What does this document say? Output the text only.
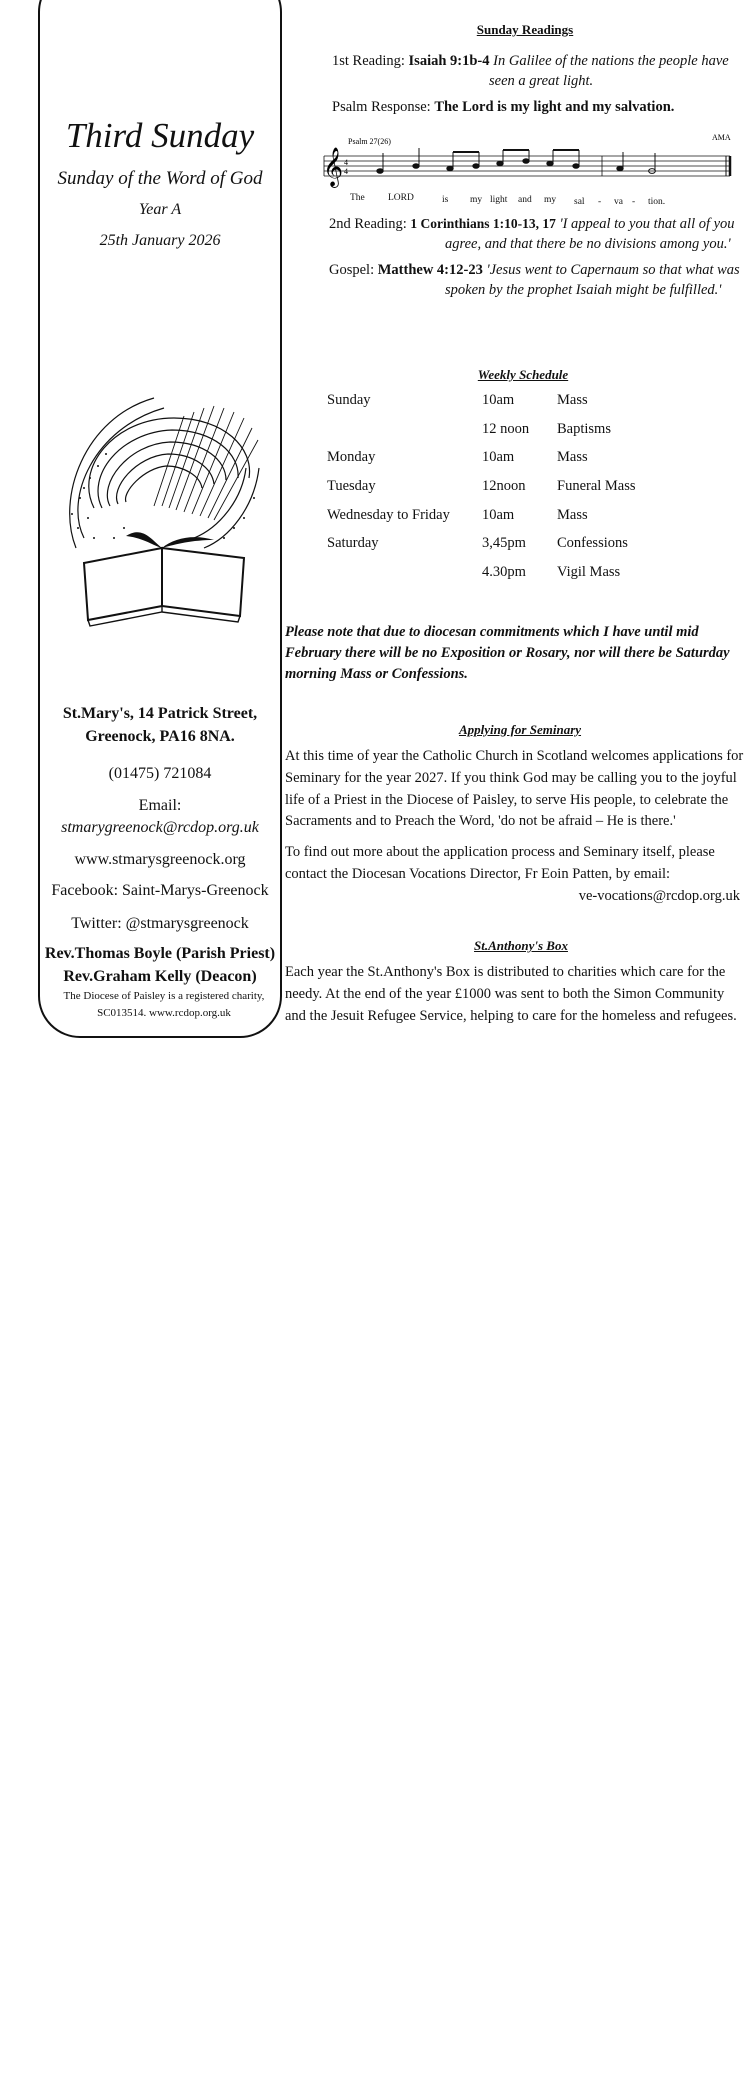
Third Sunday
Sunday of the Word of God
Year A
25th January 2026
St.Mary's, 14 Patrick Street,
Greenock, PA16 8NA.
(01475) 721084
Email:
stmarygreenock@rcdop.org.uk
www.stmarysgreenock.org
Facebook: Saint-Marys-Greenock
Twitter: @stmarysgreenock
Rev.Thomas Boyle (Parish Priest)
Rev.Graham Kelly (Deacon)
The Diocese of Paisley is a registered charity,
SC013514. www.rcdop.org.uk
Sunday Readings
1st Reading: Isaiah 9:1b-4 In Galilee of the nations the people have
seen a great light.
Psalm Response: The Lord is my light and my salvation.
Psalm 27(26)	AMA
𝄞 4
4
The LORD	is my light and my sal - va - tion.
2nd Reading: 1 Corinthians 1:10-13, 17 'I appeal to you that all of you
agree, and that there be no divisions among you.'
Gospel: Matthew 4:12-23 'Jesus went to Capernaum so that what was
spoken by the prophet Isaiah might be fulfilled.'
Weekly Schedule
Sunday	10am	Mass
	12 noon	Baptisms
Monday	10am	Mass
Tuesday	12noon	Funeral Mass
Wednesday to Friday	10am	Mass
Saturday	3,45pm	Confessions
	4.30pm	Vigil Mass
Please note that due to diocesan commitments which I have until mid
February there will be no Exposition or Rosary, nor will there be Saturday
morning Mass or Confessions.
Applying for Seminary
At this time of year the Catholic Church in Scotland welcomes applications for
Seminary for the year 2027. If you think God may be calling you to the joyful
life of a Priest in the Diocese of Paisley, to serve His people, to celebrate the
Sacraments and to Preach the Word, 'do not be afraid – He is there.'
To find out more about the application process and Seminary itself, please
contact the Diocesan Vocations Director, Fr Eoin Patten, by email:
ve-vocations@rcdop.org.uk
St.Anthony's Box
Each year the St.Anthony's Box is distributed to charities which care for the
needy. At the end of the year £1000 was sent to both the Simon Community
and the Jesuit Refugee Service, helping to care for the homeless and refugees.
